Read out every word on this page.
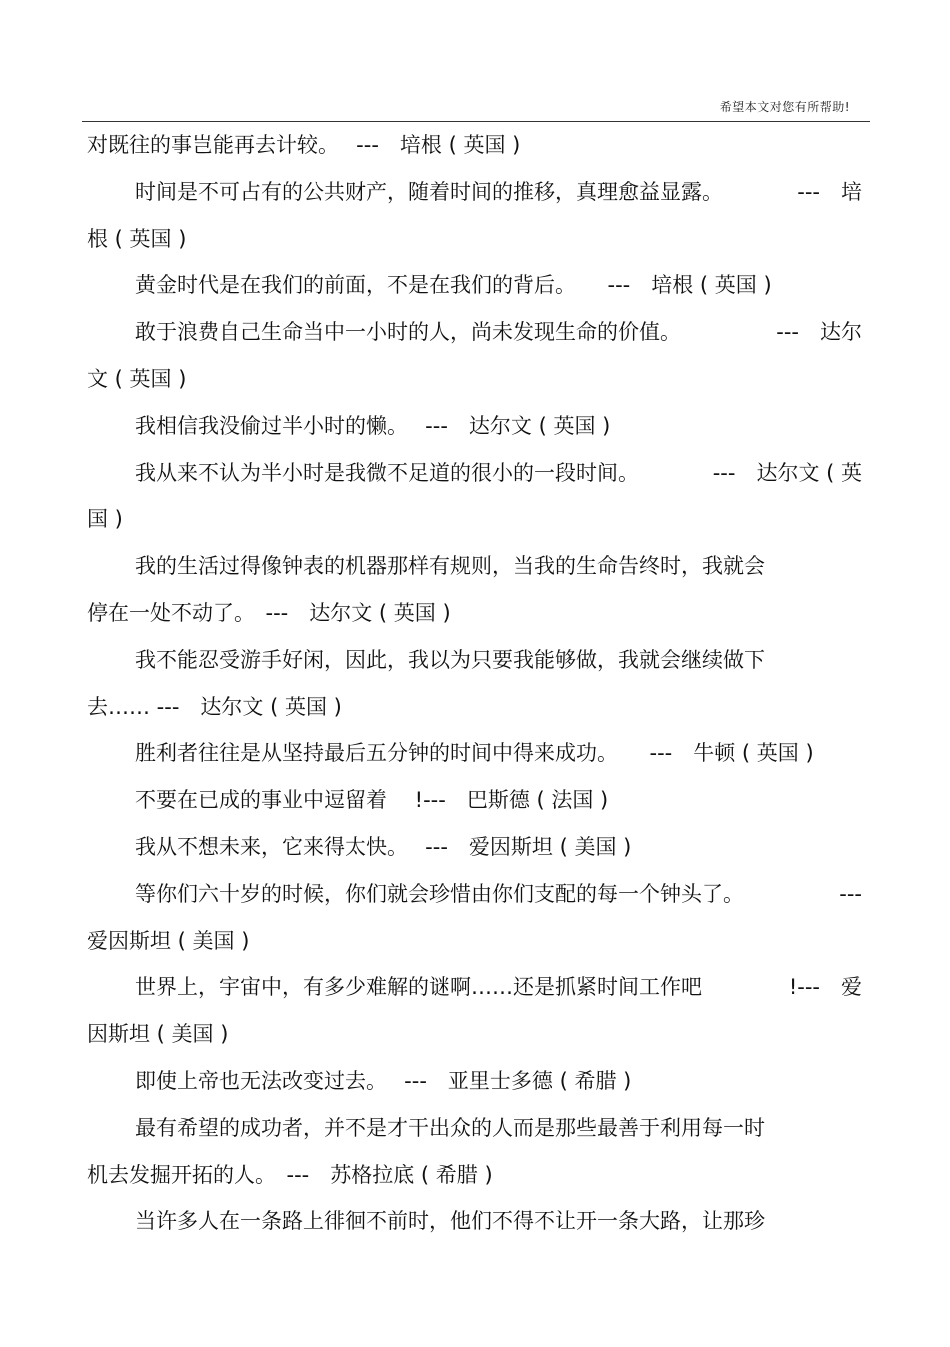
希望本文对您有所帮助!
对既往的事岂能再去计较。　 ---　培根 ( 英国 )
时间是不可占有的公共财产，随着时间的推移，真理愈益显露。	---　培
根 ( 英国 )
黄金时代是在我们的前面，不是在我们的背后。　　---　培根 ( 英国 )
敢于浪费自己生命当中一小时的人，尚未发现生命的价值。	---　达尔
文 ( 英国 )
我相信我没偷过半小时的懒。　 ---　达尔文 ( 英国 )
我从来不认为半小时是我微不足道的很小的一段时间。	---　达尔文 ( 英
国 )
我的生活过得像钟表的机器那样有规则，当我的生命告终时，我就会
停在一处不动了。　---　达尔文 ( 英国 )
我不能忍受游手好闲，因此，我以为只要我能够做，我就会继续做下
去…… ---　达尔文 ( 英国 )
胜利者往往是从坚持最后五分钟的时间中得来成功。　　---　牛顿 ( 英国 )
不要在已成的事业中逗留着　 !---　巴斯德 ( 法国 )
我从不想未来，它来得太快。　 ---　爱因斯坦 ( 美国 )
等你们六十岁的时候，你们就会珍惜由你们支配的每一个钟头了。	---
爱因斯坦 ( 美国 )
世界上，宇宙中，有多少难解的谜啊……还是抓紧时间工作吧	!---　爱
因斯坦 ( 美国 )
即使上帝也无法改变过去。　 ---　亚里士多德 ( 希腊 )
最有希望的成功者，并不是才干出众的人而是那些最善于利用每一时
机去发掘开拓的人。　---　苏格拉底 ( 希腊 )
当许多人在一条路上徘徊不前时，他们不得不让开一条大路，让那珍
